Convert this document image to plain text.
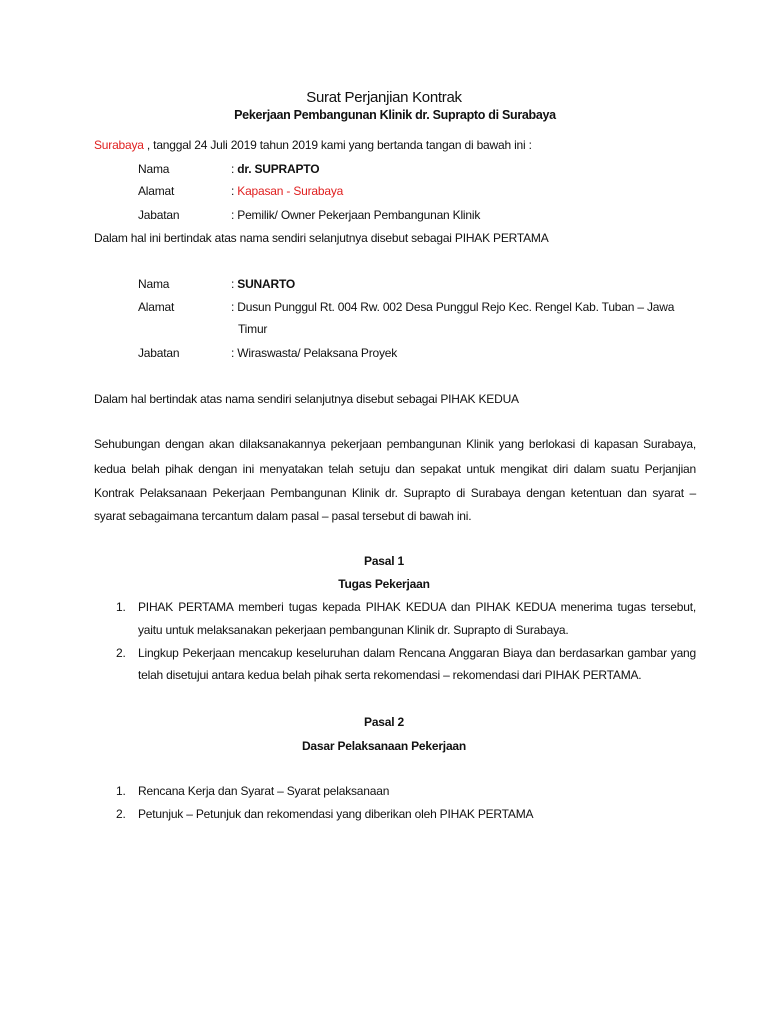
Surat Perjanjian Kontrak
Pekerjaan Pembangunan Klinik dr. Suprapto di Surabaya
Surabaya , tanggal 24 Juli 2019 tahun 2019 kami yang bertanda tangan di bawah ini :
Nama	: dr. SUPRAPTO
Alamat	: Kapasan - Surabaya
Jabatan	: Pemilik/ Owner Pekerjaan Pembangunan Klinik
Dalam hal ini bertindak atas nama sendiri selanjutnya disebut sebagai PIHAK PERTAMA
Nama	: SUNARTO
Alamat	: Dusun Punggul Rt. 004 Rw. 002 Desa Punggul Rejo Kec. Rengel Kab. Tuban – Jawa
Timur
Jabatan	: Wiraswasta/ Pelaksana Proyek
Dalam hal bertindak atas nama sendiri selanjutnya disebut sebagai PIHAK KEDUA
Sehubungan dengan akan dilaksanakannya pekerjaan pembangunan Klinik yang berlokasi di kapasan Surabaya,
kedua belah pihak dengan ini menyatakan telah setuju dan sepakat untuk mengikat diri dalam suatu Perjanjian
Kontrak Pelaksanaan Pekerjaan Pembangunan Klinik dr. Suprapto di Surabaya dengan ketentuan dan syarat –
syarat sebagaimana tercantum dalam pasal – pasal tersebut di bawah ini.
Pasal 1
Tugas Pekerjaan
1. PIHAK PERTAMA memberi tugas kepada PIHAK KEDUA dan PIHAK KEDUA menerima tugas tersebut,
yaitu untuk melaksanakan pekerjaan pembangunan Klinik dr. Suprapto di Surabaya.
2. Lingkup Pekerjaan mencakup keseluruhan dalam Rencana Anggaran Biaya dan berdasarkan gambar yang
telah disetujui antara kedua belah pihak serta rekomendasi – rekomendasi dari PIHAK PERTAMA.
Pasal 2
Dasar Pelaksanaan Pekerjaan
1. Rencana Kerja dan Syarat – Syarat pelaksanaan
2. Petunjuk – Petunjuk dan rekomendasi yang diberikan oleh PIHAK PERTAMA
